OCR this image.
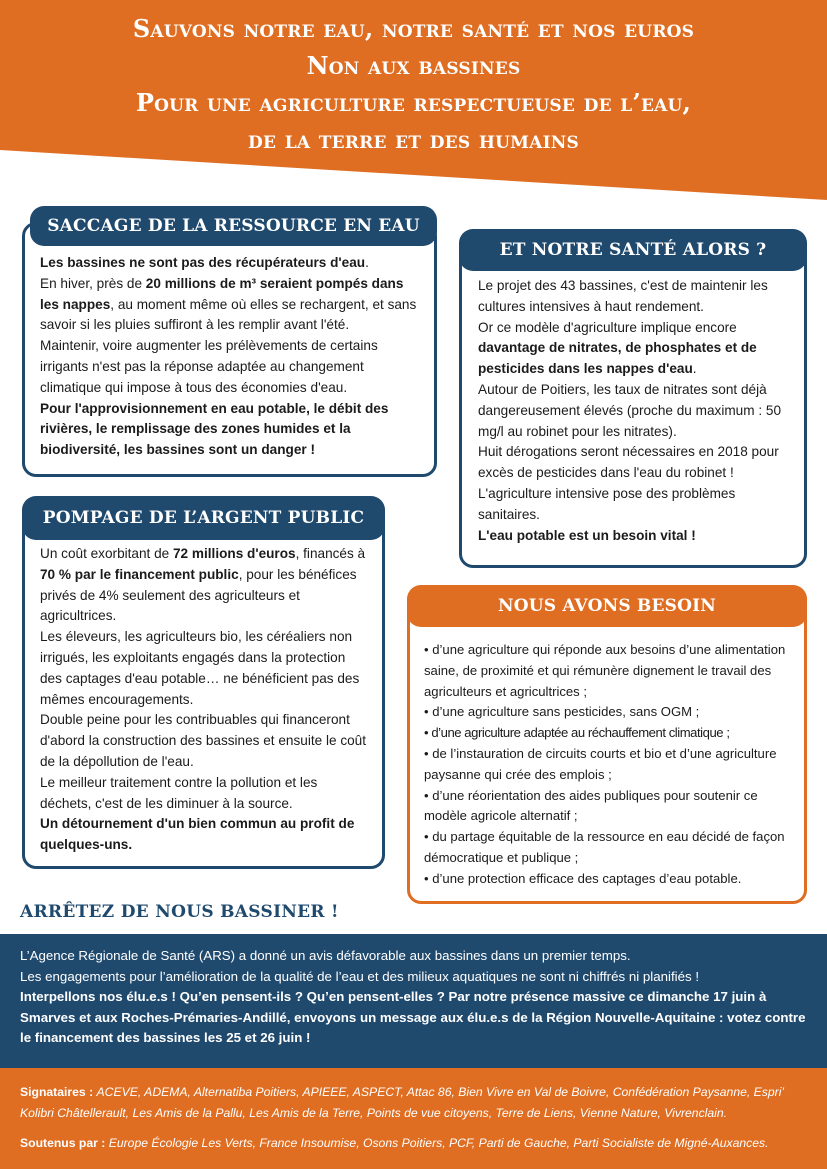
Sauvons notre eau, notre santé et nos euros
Non aux bassines
Pour une agriculture respectueuse de l’eau,
de la terre et des humains
SACCAGE DE LA RESSOURCE EN EAU

Les bassines ne sont pas des récupérateurs d'eau.

En hiver, près de 20 millions de m³ seraient pompés dans les nappes, au moment même où elles se rechargent, et sans savoir si les pluies suffiront à les remplir avant l'été.

Maintenir, voire augmenter les prélèvements de certains irrigants n'est pas la réponse adaptée au changement climatique qui impose à tous des économies d'eau.

Pour l'approvisionnement en eau potable, le débit des rivières, le remplissage des zones humides et la biodiversité, les bassines sont un danger !

ET NOTRE SANTÉ ALORS ?

Le projet des 43 bassines, c'est de maintenir les cultures intensives à haut rendement.

Or ce modèle d'agriculture implique encore davantage de nitrates, de phosphates et de pesticides dans les nappes d'eau.

Autour de Poitiers, les taux de nitrates sont déjà dangereusement élevés (proche du maximum : 50 mg/l au robinet pour les nitrates).

Huit dérogations seront nécessaires en 2018 pour excès de pesticides dans l'eau du robinet !

L'agriculture intensive pose des problèmes sanitaires.

L'eau potable est un besoin vital !

POMPAGE DE L’ARGENT PUBLIC

Un coût exorbitant de 72 millions d'euros, financés à 70 % par le financement public, pour les bénéfices privés de 4% seulement des agriculteurs et agricultrices.

Les éleveurs, les agriculteurs bio, les céréaliers non irrigués, les exploitants engagés dans la protection des captages d'eau potable… ne bénéficient pas des mêmes encouragements.

Double peine pour les contribuables qui financeront d'abord la construction des bassines et ensuite le coût de la dépollution de l'eau.

Le meilleur traitement contre la pollution et les déchets, c'est de les diminuer à la source.

Un détournement d'un bien commun au profit de quelques-uns.

NOUS AVONS BESOIN

• d’une agriculture qui réponde aux besoins d’une alimentation saine, de proximité et qui rémunère dignement le travail des agriculteurs et agricultrices ;

• d’une agriculture sans pesticides, sans OGM ;

• d’une agriculture adaptée au réchauffement climatique ;

• de l’instauration de circuits courts et bio et d’une agriculture paysanne qui crée des emplois ;

• d’une réorientation des aides publiques pour soutenir ce modèle agricole alternatif ;

• du partage équitable de la ressource en eau décidé de façon démocratique et publique ;

• d’une protection efficace des captages d’eau potable.

ARRÊTEZ DE NOUS BASSINER !

L’Agence Régionale de Santé (ARS) a donné un avis défavorable aux bassines dans un premier temps.

Les engagements pour l’amélioration de la qualité de l’eau et des milieux aquatiques ne sont ni chiffrés ni planifiés !

Interpellons nos élu.e.s ! Qu’en pensent-ils ? Qu’en pensent-elles ? Par notre présence massive ce dimanche 17 juin à Smarves et aux Roches-Prémaries-Andillé, envoyons un message aux élu.e.s de la Région Nouvelle-Aquitaine : votez contre le financement des bassines les 25 et 26 juin !

Signataires : ACEVE, ADEMA, Alternatiba Poitiers, APIEEE, ASPECT, Attac 86, Bien Vivre en Val de Boivre, Confédération Paysanne, Espri’ Kolibri Châtellerault, Les Amis de la Pallu, Les Amis de la Terre, Points de vue citoyens, Terre de Liens, Vienne Nature, Vivrenclain.

Soutenus par : Europe Écologie Les Verts, France Insoumise, Osons Poitiers, PCF, Parti de Gauche, Parti Socialiste de Migné-Auxances.
